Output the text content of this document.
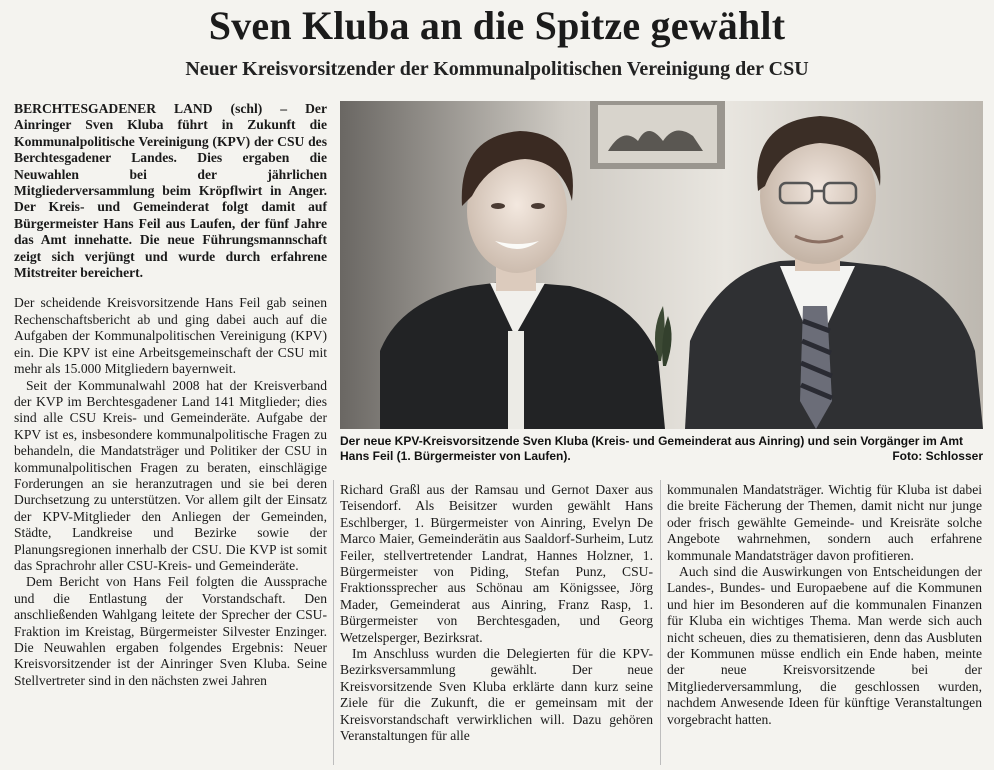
Sven Kluba an die Spitze gewählt
Neuer Kreisvorsitzender der Kommunalpolitischen Vereinigung der CSU

BERCHTESGADENER LAND (schl) – Der Ainringer Sven Kluba führt in Zukunft die Kommunalpolitische Vereinigung (KPV) der CSU des Berchtesgadener Landes. Dies ergaben die Neuwahlen bei der jährlichen Mitgliederversammlung beim Kröpflwirt in Anger. Der Kreis- und Gemeinderat folgt damit auf Bürgermeister Hans Feil aus Laufen, der fünf Jahre das Amt innehatte. Die neue Führungsmannschaft zeigt sich verjüngt und wurde durch erfahrene Mitstreiter bereichert.

Der scheidende Kreisvorsitzende Hans Feil gab seinen Rechenschaftsbericht ab und ging dabei auch auf die Aufgaben der Kommunalpolitischen Vereinigung (KPV) ein. Die KPV ist eine Arbeitsgemeinschaft der CSU mit mehr als 15.000 Mitgliedern bayernweit.

Seit der Kommunalwahl 2008 hat der Kreisverband der KVP im Berchtesgadener Land 141 Mitglieder; dies sind alle CSU Kreis- und Gemeinderäte. Aufgabe der KPV ist es, insbesondere kommunalpolitische Fragen zu behandeln, die Mandatsträger und Politiker der CSU in kommunalpolitischen Fragen zu beraten, einschlägige Forderungen an sie heranzutragen und sie bei deren Durchsetzung zu unterstützen. Vor allem gilt der Einsatz der KPV-Mitglieder den Anliegen der Gemeinden, Städte, Landkreise und Bezirke sowie der Planungsregionen innerhalb der CSU. Die KVP ist somit das Sprachrohr aller CSU-Kreis- und Gemeinderäte.

Dem Bericht von Hans Feil folgten die Aussprache und die Entlastung der Vorstandschaft. Den anschließenden Wahlgang leitete der Sprecher der CSU-Fraktion im Kreistag, Bürgermeister Silvester Enzinger. Die Neuwahlen ergaben folgendes Ergebnis: Neuer Kreisvorsitzender ist der Ainringer Sven Kluba. Seine Stellvertreter sind in den nächsten zwei Jahren

Der neue KPV-Kreisvorsitzende Sven Kluba (Kreis- und Gemeinderat aus Ainring) und sein Vorgänger im Amt Hans Feil (1. Bürgermeister von Laufen).	Foto: Schlosser

Richard Graßl aus der Ramsau und Gernot Daxer aus Teisendorf. Als Beisitzer wurden gewählt Hans Eschlberger, 1. Bürgermeister von Ainring, Evelyn De Marco Maier, Gemeinderätin aus Saaldorf-Surheim, Lutz Feiler, stellvertretender Landrat, Hannes Holzner, 1. Bürgermeister von Piding, Stefan Punz, CSU-Fraktionssprecher aus Schönau am Königssee, Jörg Mader, Gemeinderat aus Ainring, Franz Rasp, 1. Bürgermeister von Berchtesgaden, und Georg Wetzelsperger, Bezirksrat.

Im Anschluss wurden die Delegierten für die KPV-Bezirksversammlung gewählt. Der neue Kreisvorsitzende Sven Kluba erklärte dann kurz seine Ziele für die Zukunft, die er gemeinsam mit der Kreisvorstandschaft verwirklichen will. Dazu gehören Veranstaltungen für alle

kommunalen Mandatsträger. Wichtig für Kluba ist dabei die breite Fächerung der Themen, damit nicht nur junge oder frisch gewählte Gemeinde- und Kreisräte solche Angebote wahrnehmen, sondern auch erfahrene kommunale Mandatsträger davon profitieren.

Auch sind die Auswirkungen von Entscheidungen der Landes-, Bundes- und Europaebene auf die Kommunen und hier im Besonderen auf die kommunalen Finanzen für Kluba ein wichtiges Thema. Man werde sich auch nicht scheuen, dies zu thematisieren, denn das Ausbluten der Kommunen müsse endlich ein Ende haben, meinte der neue Kreisvorsitzende bei der Mitgliederversammlung, die geschlossen wurden, nachdem Anwesende Ideen für künftige Veranstaltungen vorgebracht hatten.
